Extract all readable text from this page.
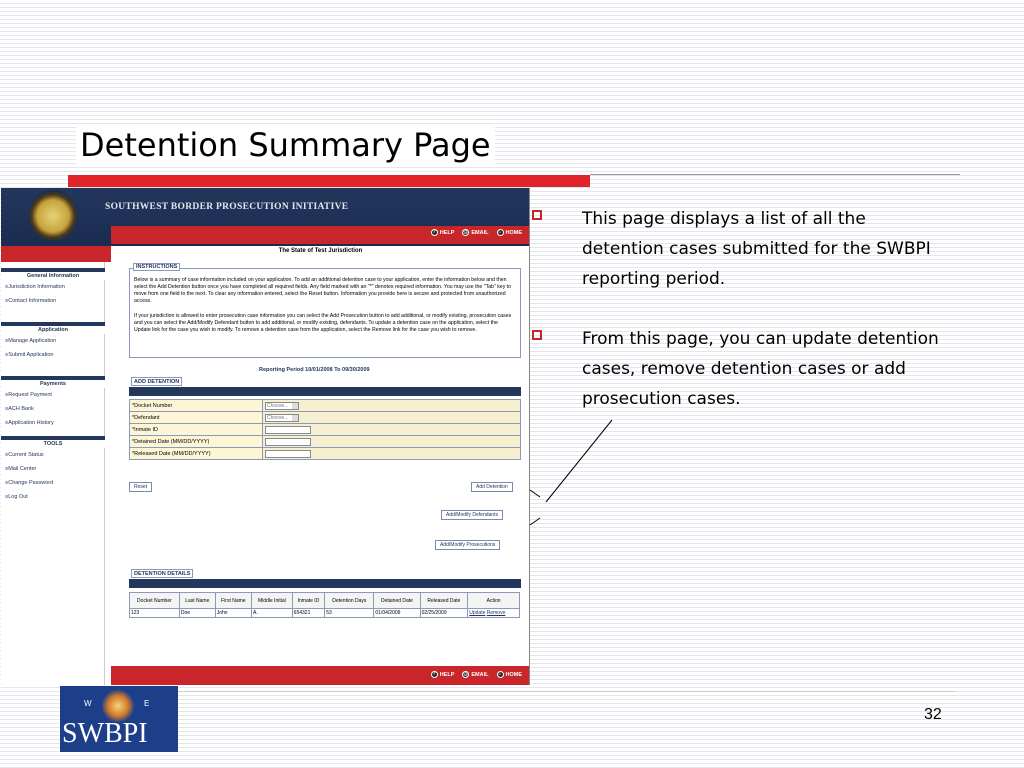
Detention Summary Page
SOUTHWEST BORDER PROSECUTION INITIATIVE
? HELP @ EMAIL	⌂ HOME
General Information
≡ Jurisdiction Information
≡ Contact Information
Application
≡ Manage Application
≡ Submit Application
Payments
≡ Request Payment
≡ ACH Bank
≡ Application History
TOOLS
≡ Current Status
≡ Mail Center
≡ Change Password
≡ Log Out
The State of Test Jurisdiction

Below is a summary of case information included on your application. To add an additional detention case to your application, enter the information below and then select the Add Detention button once you have completed all required fields. Any field marked with an "*" denotes required information. You may use the "Tab" key to move from one field to the next. To clear any information entered, select the Reset button. Information you provide here is secure and protected from unauthorized access.

If your jurisdiction is allowed to enter prosecution case information you can select the Add Prosecution button to add additional, or modify existing, prosecution cases and you can select the Add/Modify Defendant button to add additional, or modify existing, defendants. To update a detention case on the application, select the Update link for the case you wish to modify. To remove a detention case from the application, select the Remove link for the case you wish to remove.

INSTRUCTIONS
Reporting Period 10/01/2008 To 09/30/2009
ADD DETENTION
*Docket Number	Choose...
*Defendant	Choose...
*Inmate ID	
*Detained Date (MM/DD/YYYY)	
*Released Date (MM/DD/YYYY)	
Reset	Add Detention
Add/Modify Defendants
Add/Modify Prosecutions
DETENTION DETAILS
? HELP @ EMAIL	⌂ HOME
Docket Number	Last Name	First Name	Middle Initial	Inmate ID	Detention Days	Detained Date	Released Date	Action
123	Doe	John	A.	654321	53	01/04/2009	02/25/2009	Update Remove

This page displays a list of all the detention cases submitted for the SWBPI reporting period.

From this page, you can update detention cases, remove detention cases or add prosecution cases.

32
W	E
SWBPI
